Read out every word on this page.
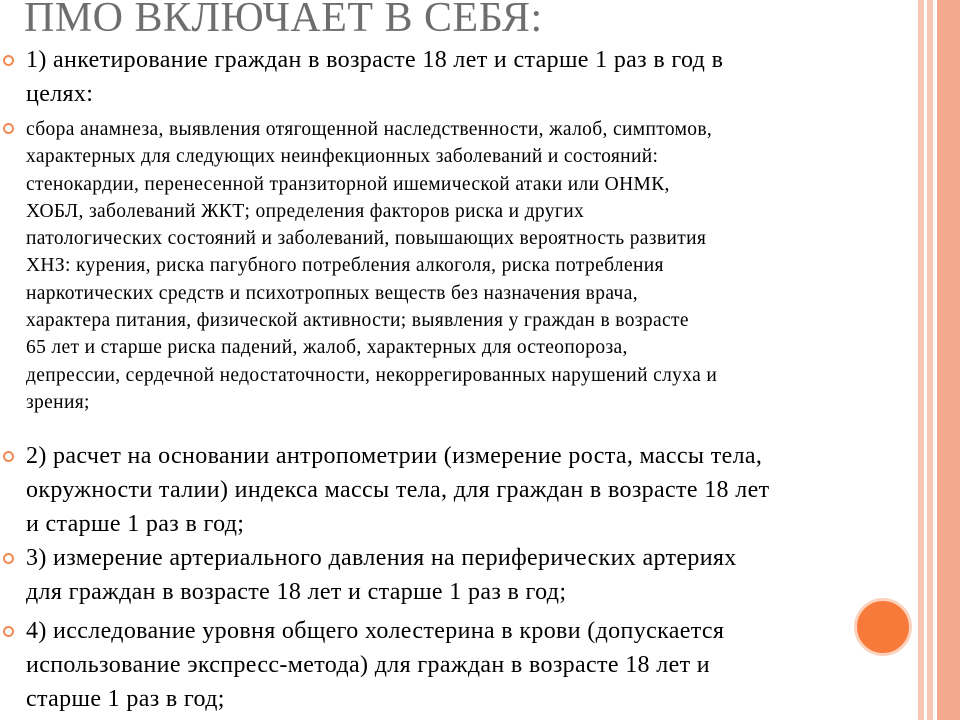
ПМО ВКЛЮЧАЕТ В СЕБЯ:
1) анкетирование граждан в возрасте 18 лет и старше 1 раз в год в
целях:
сбора анамнеза, выявления отягощенной наследственности, жалоб, симптомов,
характерных для следующих неинфекционных заболеваний и состояний:
стенокардии, перенесенной транзиторной ишемической атаки или ОНМК,
ХОБЛ, заболеваний ЖКТ; определения факторов риска и других
патологических состояний и заболеваний, повышающих вероятность развития
ХНЗ: курения, риска пагубного потребления алкоголя, риска потребления
наркотических средств и психотропных веществ без назначения врача,
характера питания, физической активности; выявления у граждан в возрасте
65 лет и старше риска падений, жалоб, характерных для остеопороза,
депрессии, сердечной недостаточности, некоррегированных нарушений слуха и
зрения;
2) расчет на основании антропометрии (измерение роста, массы тела,
окружности талии) индекса массы тела, для граждан в возрасте 18 лет
и старше 1 раз в год;
3) измерение артериального давления на периферических артериях
для граждан в возрасте 18 лет и старше 1 раз в год;
4) исследование уровня общего холестерина в крови (допускается
использование экспресс-метода) для граждан в возрасте 18 лет и
старше 1 раз в год;
